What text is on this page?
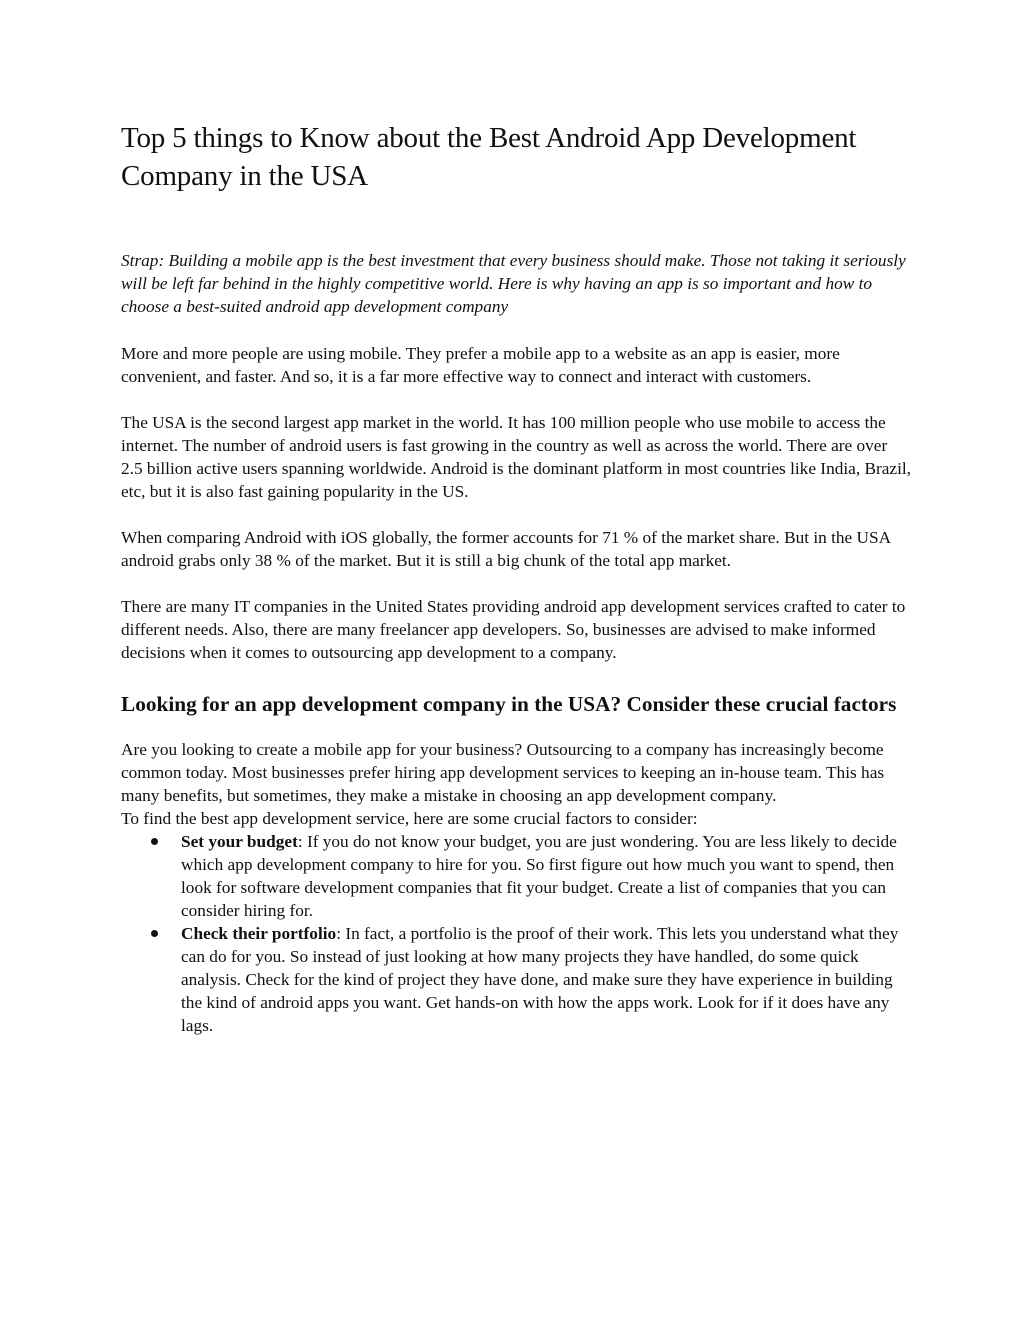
Top 5 things to Know about the Best Android App Development Company in the USA

Strap: Building a mobile app is the best investment that every business should make. Those not taking it seriously will be left far behind in the highly competitive world. Here is why having an app is so important and how to choose a best-suited android app development company

More and more people are using mobile. They prefer a mobile app to a website as an app is easier, more convenient, and faster. And so, it is a far more effective way to connect and interact with customers.

The USA is the second largest app market in the world. It has 100 million people who use mobile to access the internet. The number of android users is fast growing in the country as well as across the world. There are over 2.5 billion active users spanning worldwide. Android is the dominant platform in most countries like India, Brazil, etc, but it is also fast gaining popularity in the US.

When comparing Android with iOS globally, the former accounts for 71 % of the market share. But in the USA android grabs only 38 % of the market. But it is still a big chunk of the total app market.

There are many IT companies in the United States providing android app development services crafted to cater to different needs. Also, there are many freelancer app developers. So, businesses are advised to make informed decisions when it comes to outsourcing app development to a company.

Looking for an app development company in the USA? Consider these crucial factors

Are you looking to create a mobile app for your business? Outsourcing to a company has increasingly become common today. Most businesses prefer hiring app development services to keeping an in-house team. This has many benefits, but sometimes, they make a mistake in choosing an app development company.

To find the best app development service, here are some crucial factors to consider:

Set your budget: If you do not know your budget, you are just wondering. You are less likely to decide which app development company to hire for you. So first figure out how much you want to spend, then look for software development companies that fit your budget. Create a list of companies that you can consider hiring for.
Check their portfolio: In fact, a portfolio is the proof of their work. This lets you understand what they can do for you. So instead of just looking at how many projects they have handled, do some quick analysis. Check for the kind of project they have done, and make sure they have experience in building the kind of android apps you want. Get hands-on with how the apps work. Look for if it does have any lags.
